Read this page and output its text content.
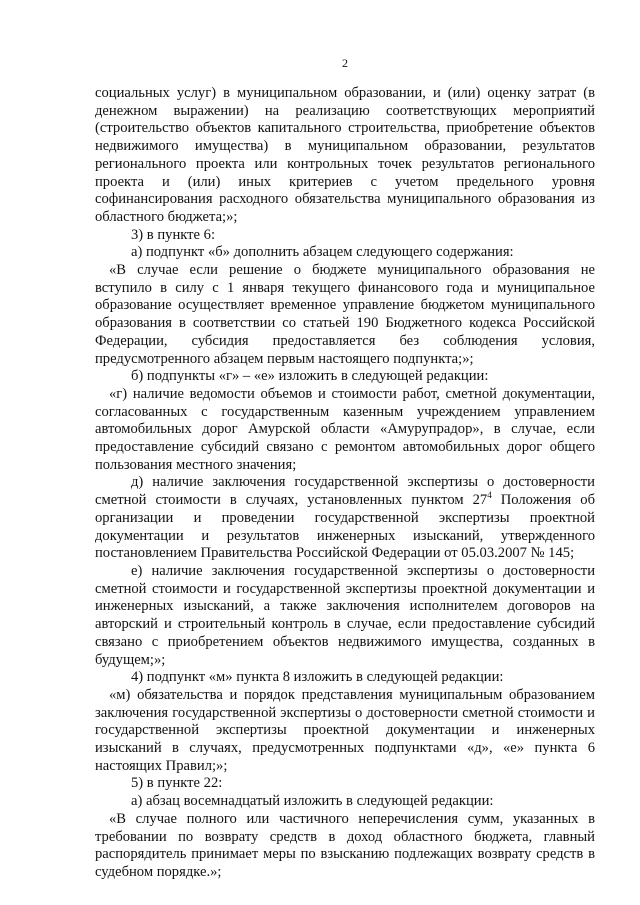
2

социальных услуг) в муниципальном образовании, и (или) оценку затрат (в денежном выражении) на реализацию соответствующих мероприятий (строительство объектов капитального строительства, приобретение объектов недвижимого имущества) в муниципальном образовании, результатов регионального проекта или контрольных точек результатов регионального проекта и (или) иных критериев с учетом предельного уровня софинансирования расходного обязательства муниципального образования из областного бюджета;»;

3) в пункте 6:

а) подпункт «б» дополнить абзацем следующего содержания:

«В случае если решение о бюджете муниципального образования не вступило в силу с 1 января текущего финансового года и муниципальное образование осуществляет временное управление бюджетом муниципального образования в соответствии со статьей 190 Бюджетного кодекса Российской Федерации, субсидия предоставляется без соблюдения условия, предусмотренного абзацем первым настоящего подпункта;»;

б) подпункты «г» – «е» изложить в следующей редакции:

«г) наличие ведомости объемов и стоимости работ, сметной документации, согласованных с государственным казенным учреждением управлением автомобильных дорог Амурской области «Амурупрадор», в случае, если предоставление субсидий связано с ремонтом автомобильных дорог общего пользования местного значения;

д) наличие заключения государственной экспертизы о достоверности сметной стоимости в случаях, установленных пунктом $27^4$ Положения об организации и проведении государственной экспертизы проектной документации и результатов инженерных изысканий, утвержденного постановлением Правительства Российской Федерации от 05.03.2007 № 145;

е) наличие заключения государственной экспертизы о достоверности сметной стоимости и государственной экспертизы проектной документации и инженерных изысканий, а также заключения исполнителем договоров на авторский и строительный контроль в случае, если предоставление субсидий связано с приобретением объектов недвижимого имущества, созданных в будущем;»;

4) подпункт «м» пункта 8 изложить в следующей редакции:

«м) обязательства и порядок представления муниципальным образованием заключения государственной экспертизы о достоверности сметной стоимости и государственной экспертизы проектной документации и инженерных изысканий в случаях, предусмотренных подпунктами «д», «е» пункта 6 настоящих Правил;»;

5) в пункте 22:

а) абзац восемнадцатый изложить в следующей редакции:

«В случае полного или частичного неперечисления сумм, указанных в требовании по возврату средств в доход областного бюджета, главный распорядитель принимает меры по взысканию подлежащих возврату средств в судебном порядке.»;
